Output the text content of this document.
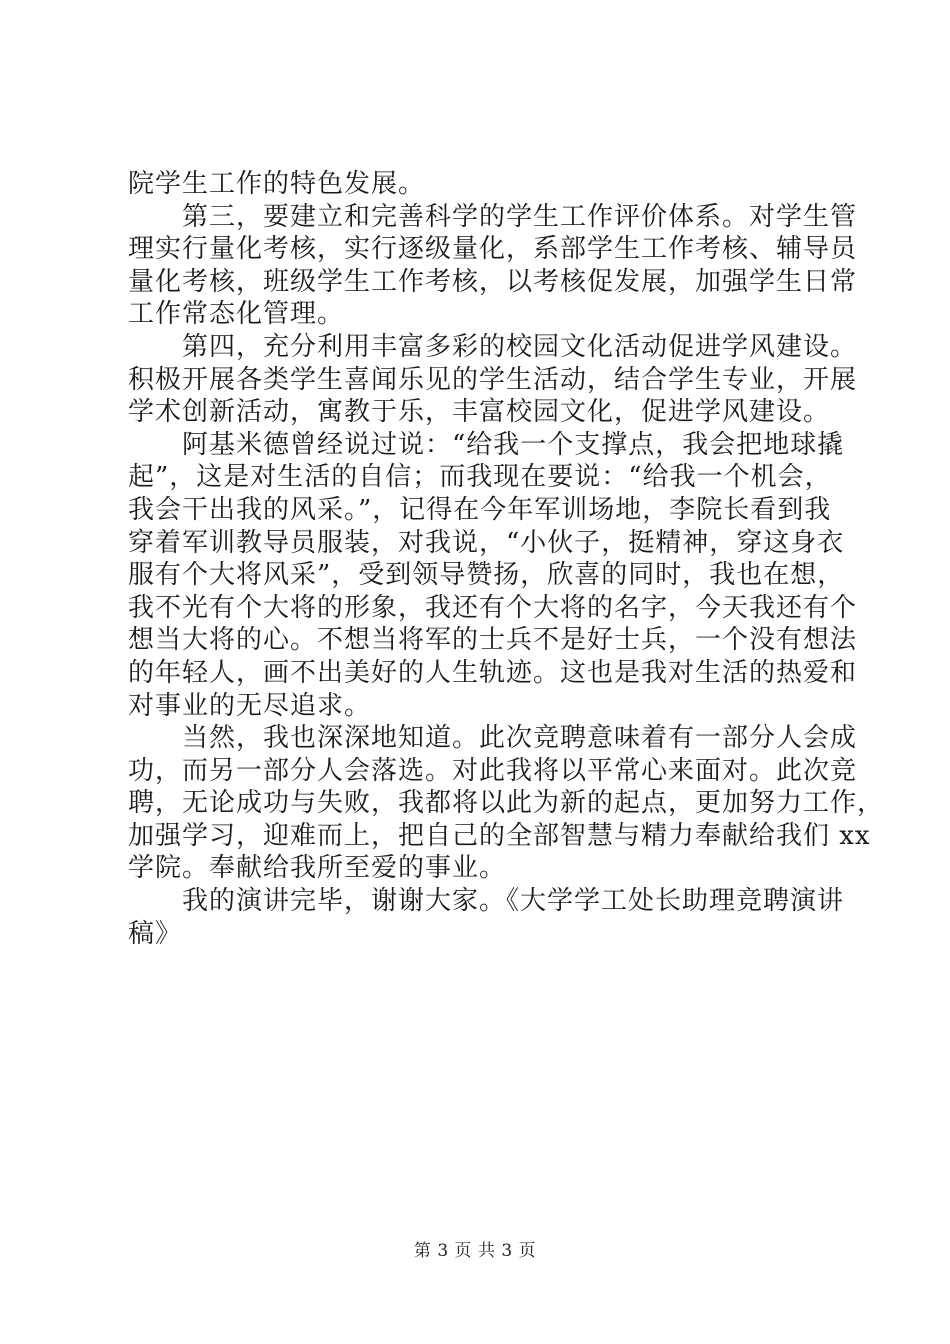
院学生工作的特色发展。
第三，要建立和完善科学的学生工作评价体系。对学生管
理实行量化考核，实行逐级量化，系部学生工作考核、辅导员
量化考核，班级学生工作考核，以考核促发展，加强学生日常
工作常态化管理。
第四，充分利用丰富多彩的校园文化活动促进学风建设。
积极开展各类学生喜闻乐见的学生活动，结合学生专业，开展
学术创新活动，寓教于乐，丰富校园文化，促进学风建设。
阿基米德曾经说过说：“给我一个支撑点，我会把地球撬
起”，这是对生活的自信；而我现在要说：“给我一个机会，
我会干出我的风采。”，记得在今年军训场地，李院长看到我
穿着军训教导员服装，对我说，“小伙子，挺精神，穿这身衣
服有个大将风采”，受到领导赞扬，欣喜的同时，我也在想，
我不光有个大将的形象，我还有个大将的名字，今天我还有个
想当大将的心。不想当将军的士兵不是好士兵，一个没有想法
的年轻人，画不出美好的人生轨迹。这也是我对生活的热爱和
对事业的无尽追求。
当然，我也深深地知道。此次竞聘意味着有一部分人会成
功，而另一部分人会落选。对此我将以平常心来面对。此次竞
聘，无论成功与失败，我都将以此为新的起点，更加努力工作，
加强学习，迎难而上，把自己的全部智慧与精力奉献给我们 xx
学院。奉献给我所至爱的事业。
我的演讲完毕，谢谢大家。《大学学工处长助理竞聘演讲
稿》
第 3 页 共 3 页
